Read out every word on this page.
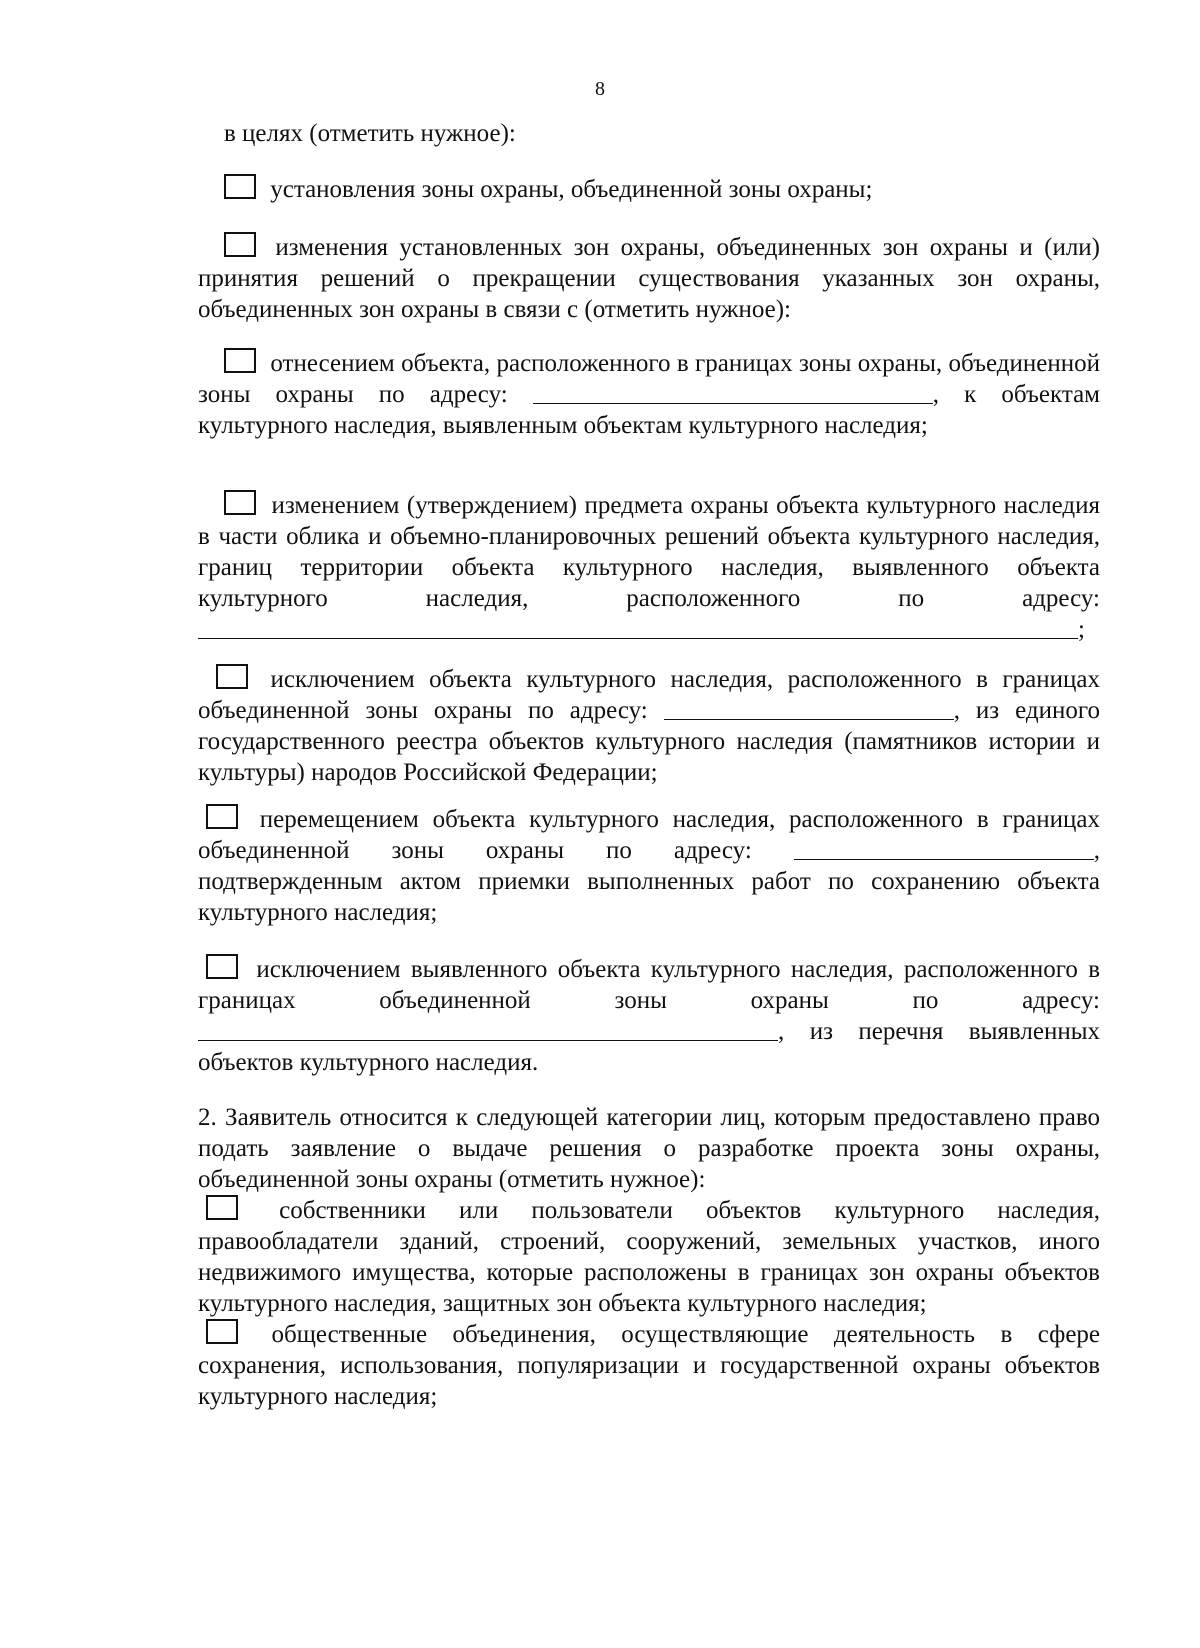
8
в целях (отметить нужное):
установления зоны охраны, объединенной зоны охраны;
изменения установленных зон охраны, объединенных зон охраны и (или) принятия решений о прекращении существования указанных зон охраны, объединенных зон охраны в связи с (отметить нужное):
отнесением объекта, расположенного в границах зоны охраны, объединенной зоны охраны по адресу:	, к объектам культурного наследия, выявленным объектам культурного наследия;
изменением (утверждением) предмета охраны объекта культурного наследия в части облика и объемно-планировочных решений объекта культурного наследия, границ территории объекта культурного наследия, выявленного объекта культурного наследия, расположенного по адресу: ;
исключением объекта культурного наследия, расположенного в границах объединенной зоны охраны по адресу:	, из единого государственного реестра объектов культурного наследия (памятников истории и культуры) народов Российской Федерации;
перемещением объекта культурного наследия, расположенного в границах объединенной зоны охраны по адресу:	, подтвержденным актом приемки выполненных работ по сохранению объекта культурного наследия;
исключением выявленного объекта культурного наследия, расположенного в границах объединенной зоны охраны по адресу: , из перечня выявленных объектов культурного наследия.
2. Заявитель относится к следующей категории лиц, которым предоставлено право подать заявление о выдаче решения о разработке проекта зоны охраны, объединенной зоны охраны (отметить нужное):
собственники или пользователи объектов культурного наследия, правообладатели зданий, строений, сооружений, земельных участков, иного недвижимого имущества, которые расположены в границах зон охраны объектов культурного наследия, защитных зон объекта культурного наследия;
общественные объединения, осуществляющие деятельность в сфере сохранения, использования, популяризации и государственной охраны объектов культурного наследия;
